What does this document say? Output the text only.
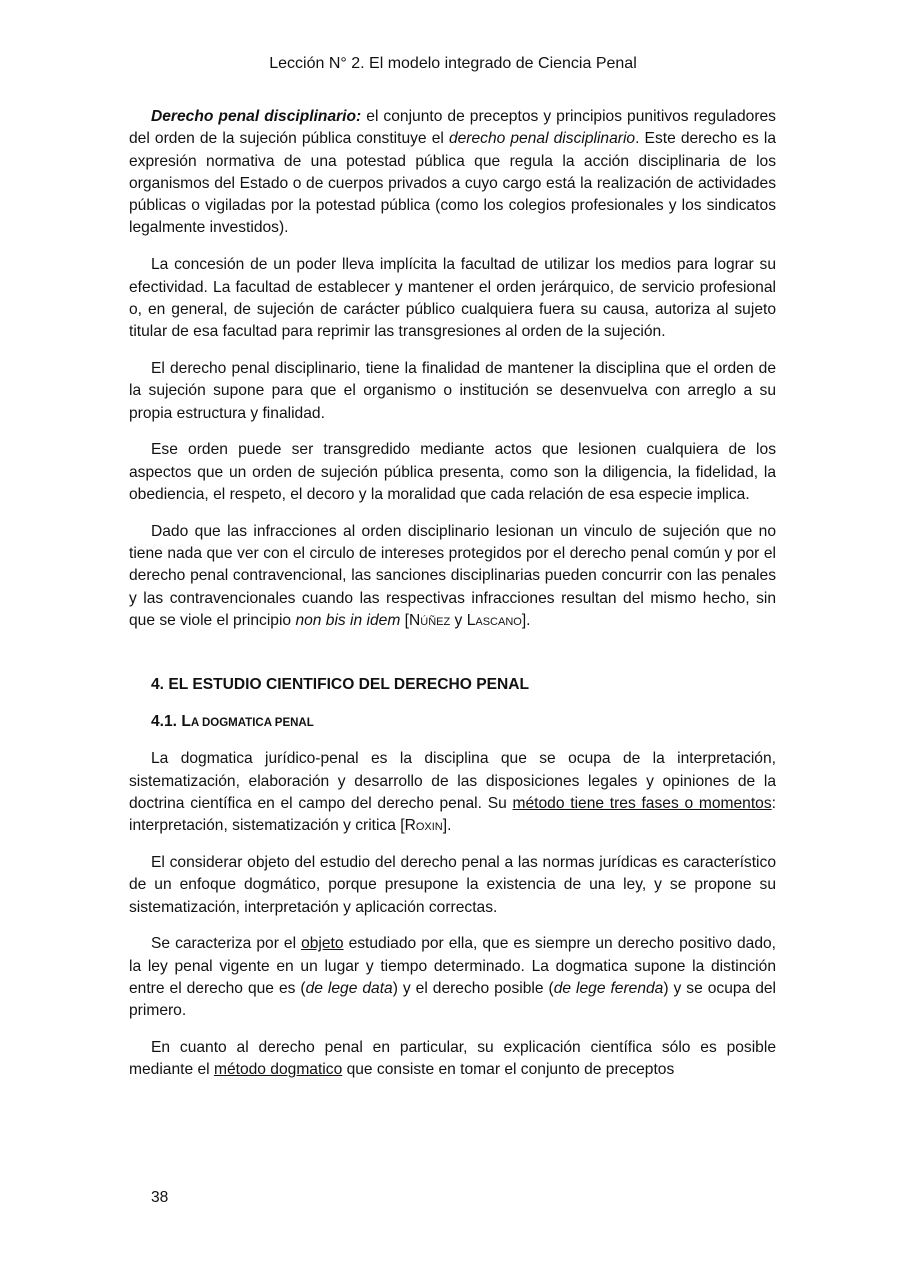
Lección N° 2. El modelo integrado de Ciencia Penal

Derecho penal disciplinario: el conjunto de preceptos y principios punitivos reguladores del orden de la sujeción pública constituye el derecho penal disciplinario. Este derecho es la expresión normativa de una potestad pública que regula la acción disciplinaria de los organismos del Estado o de cuerpos privados a cuyo cargo está la realización de actividades públicas o vigiladas por la potestad pública (como los colegios profesionales y los sindicatos legalmente investidos).

La concesión de un poder lleva implícita la facultad de utilizar los medios para lograr su efectividad. La facultad de establecer y mantener el orden jerárquico, de servicio profesional o, en general, de sujeción de carácter público cualquiera fuera su causa, autoriza al sujeto titular de esa facultad para reprimir las transgresiones al orden de la sujeción.

El derecho penal disciplinario, tiene la finalidad de mantener la disciplina que el orden de la sujeción supone para que el organismo o institución se desenvuelva con arreglo a su propia estructura y finalidad.

Ese orden puede ser transgredido mediante actos que lesionen cualquiera de los aspectos que un orden de sujeción pública presenta, como son la diligencia, la fidelidad, la obediencia, el respeto, el decoro y la moralidad que cada relación de esa especie implica.

Dado que las infracciones al orden disciplinario lesionan un vinculo de sujeción que no tiene nada que ver con el circulo de intereses protegidos por el derecho penal común y por el derecho penal contravencional, las sanciones disciplinarias pueden concurrir con las penales y las contravencionales cuando las respectivas infracciones resultan del mismo hecho, sin que se viole el principio non bis in idem [Núñez y Lascano].

4. EL ESTUDIO CIENTIFICO DEL DERECHO PENAL
4.1. LA DOGMATICA PENAL

La dogmatica jurídico-penal es la disciplina que se ocupa de la interpretación, sistematización, elaboración y desarrollo de las disposiciones legales y opiniones de la doctrina científica en el campo del derecho penal. Su método tiene tres fases o momentos: interpretación, sistematización y critica [Roxin].

El considerar objeto del estudio del derecho penal a las normas jurídicas es característico de un enfoque dogmático, porque presupone la existencia de una ley, y se propone su sistematización, interpretación y aplicación correctas.

Se caracteriza por el objeto estudiado por ella, que es siempre un derecho positivo dado, la ley penal vigente en un lugar y tiempo determinado. La dogmatica supone la distinción entre el derecho que es (de lege data) y el derecho posible (de lege ferenda) y se ocupa del primero.

En cuanto al derecho penal en particular, su explicación científica sólo es posible mediante el método dogmatico que consiste en tomar el conjunto de preceptos

38
